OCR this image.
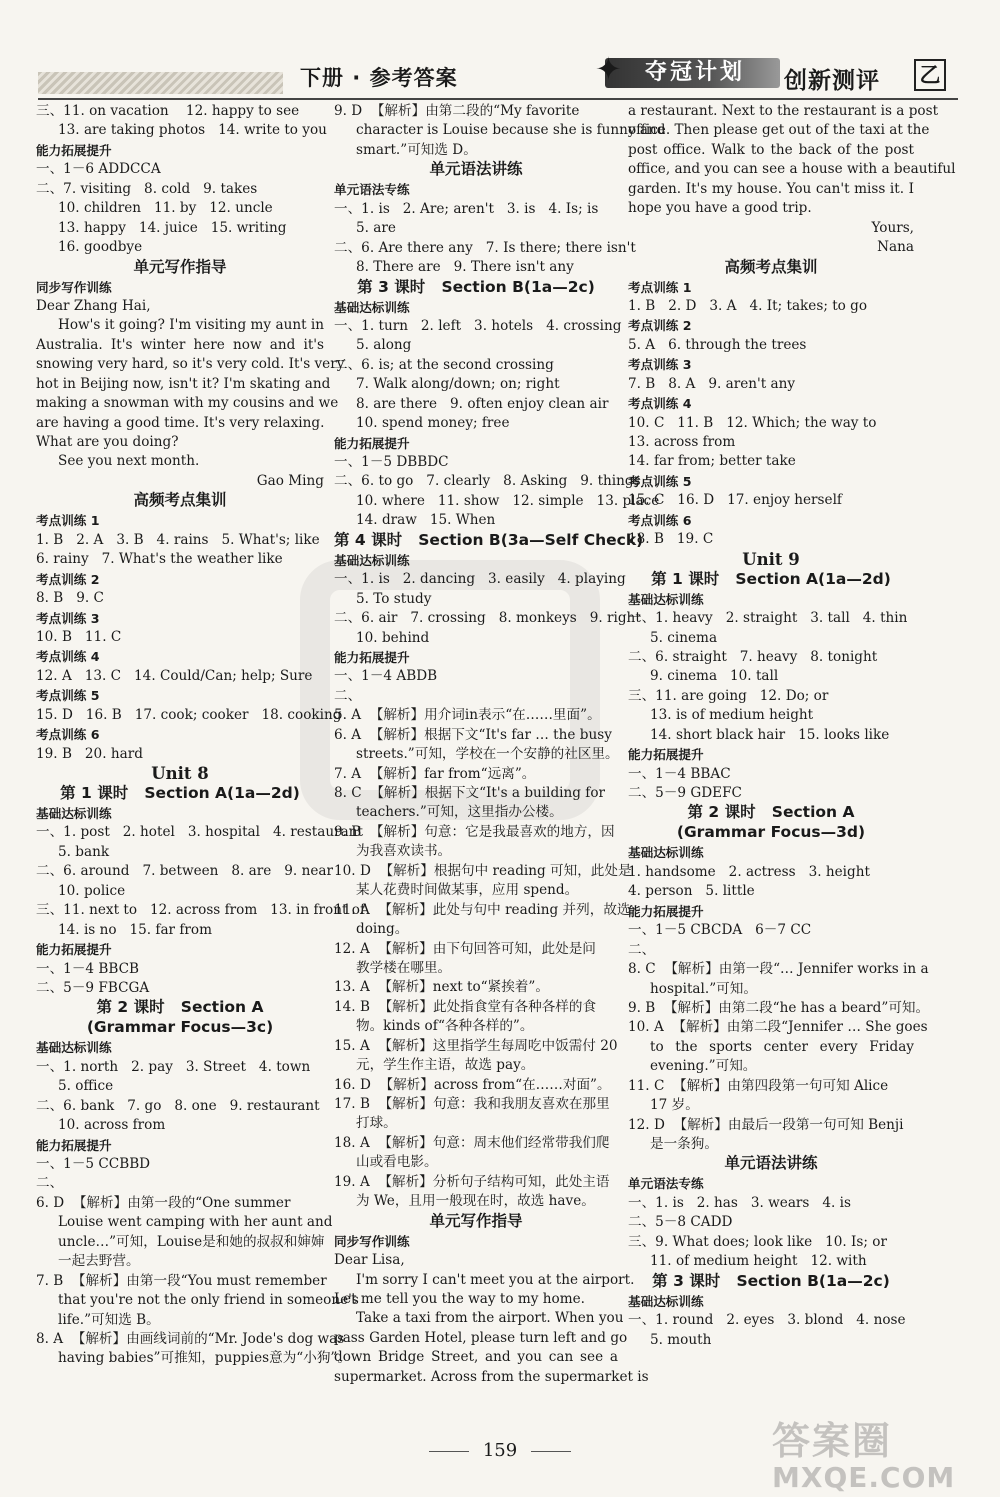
下册 · 参考答案	夺冠计划
✦	创新测评 乙
三、11. on vacation    12. happy to see
13. are taking photos   14. write to you
能力拓展提升
一、1－6 ADDCCA
二、7. visiting   8. cold   9. takes
10. children   11. by   12. uncle
13. happy   14. juice   15. writing
16. goodbye
单元写作指导
同步写作训练
Dear Zhang Hai,
How's it going? I'm visiting my aunt in
Australia. It's winter here now and it's
snowing very hard, so it's very cold. It's very
hot in Beijing now, isn't it? I'm skating and
making a snowman with my cousins and we
are having a good time. It's very relaxing.
What are you doing?
See you next month.
Gao Ming
高频考点集训
考点训练 1
1. B   2. A   3. B   4. rains   5. What's; like
6. rainy   7. What's the weather like
考点训练 2
8. B   9. C
考点训练 3
10. B   11. C
考点训练 4
12. A   13. C   14. Could/Can; help; Sure
考点训练 5
15. D   16. B   17. cook; cooker   18. cooking
考点训练 6
19. B   20. hard
Unit 8
第 1 课时   Section A(1a—2d)
基础达标训练
一、1. post   2. hotel   3. hospital   4. restaurant
5. bank
二、6. around   7. between   8. are   9. near
10. police
三、11. next to   12. across from   13. in front of
14. is no   15. far from
能力拓展提升
一、1－4 BBCB
二、5－9 FBCGA
第 2 课时   Section A
(Grammar Focus—3c)
基础达标训练
一、1. north   2. pay   3. Street   4. town
5. office
二、6. bank   7. go   8. one   9. restaurant
10. across from
能力拓展提升
一、1－5 CCBBD
二、
6. D  【解析】由第一段的“One summer
Louise went camping with her aunt and
uncle…”可知，Louise是和她的叔叔和婶婶
一起去野营。
7. B  【解析】由第一段“You must remember
that you're not the only friend in someone's
life.”可知选 B。
8. A  【解析】由画线词前的“Mr. Jode's dog was
having babies”可推知，puppies意为“小狗”。
9. D  【解析】由第二段的“My favorite
character is Louise because she is funny and
smart.”可知选 D。
单元语法讲练
单元语法专练
一、1. is   2. Are; aren't   3. is   4. Is; is
5. are
二、6. Are there any   7. Is there; there isn't
8. There are   9. There isn't any
第 3 课时   Section B(1a—2c)
基础达标训练
一、1. turn   2. left   3. hotels   4. crossing
5. along
二、6. is; at the second crossing
7. Walk along/down; on; right
8. are there   9. often enjoy clean air
10. spend money; free
能力拓展提升
一、1－5 DBBDC
二、6. to go   7. clearly   8. Asking   9. things
10. where   11. show   12. simple   13. place
14. draw   15. When
第 4 课时   Section B(3a—Self Check)
基础达标训练
一、1. is   2. dancing   3. easily   4. playing
5. To study
二、6. air   7. crossing   8. monkeys   9. right
10. behind
能力拓展提升
一、1－4 ABDB
二、
5. A  【解析】用介词in表示“在……里面”。
6. A  【解析】根据下文“It's far … the busy
streets.”可知，学校在一个安静的社区里。
7. A  【解析】far from“远离”。
8. C  【解析】根据下文“It's a building for
teachers.”可知，这里指办公楼。
9. B  【解析】句意：它是我最喜欢的地方，因
为我喜欢读书。
10. D  【解析】根据句中 reading 可知，此处是
某人花费时间做某事，应用 spend。
11. A  【解析】此处与句中 reading 并列，故选
doing。
12. A  【解析】由下句回答可知，此处是问
教学楼在哪里。
13. A  【解析】next to“紧挨着”。
14. B  【解析】此处指食堂有各种各样的食
物。kinds of“各种各样的”。
15. A  【解析】这里指学生每周吃中饭需付 20
元，学生作主语，故选 pay。
16. D  【解析】across from“在……对面”。
17. B  【解析】句意：我和我朋友喜欢在那里
打球。
18. A  【解析】句意：周末他们经常带我们爬
山或看电影。
19. A  【解析】分析句子结构可知，此处主语
为 We，且用一般现在时，故选 have。
单元写作指导
同步写作训练
Dear Lisa,
I'm sorry I can't meet you at the airport.
Let me tell you the way to my home.
Take a taxi from the airport. When you
pass Garden Hotel, please turn left and go
down Bridge Street, and you can see a
supermarket. Across from the supermarket is
a restaurant. Next to the restaurant is a post
office. Then please get out of the taxi at the
post office. Walk to the back of the post
office, and you can see a house with a beautiful
garden. It's my house. You can't miss it. I
hope you have a good trip.
Yours,
Nana
高频考点集训
考点训练 1
1. B   2. D   3. A   4. It; takes; to go
考点训练 2
5. A   6. through the trees
考点训练 3
7. B   8. A   9. aren't any
考点训练 4
10. C   11. B   12. Which; the way to
13. across from
14. far from; better take
考点训练 5
15. C   16. D   17. enjoy herself
考点训练 6
18. B   19. C
Unit 9
第 1 课时   Section A(1a—2d)
基础达标训练
一、1. heavy   2. straight   3. tall   4. thin
5. cinema
二、6. straight   7. heavy   8. tonight
9. cinema   10. tall
三、11. are going   12. Do; or
13. is of medium height
14. short black hair   15. looks like
能力拓展提升
一、1－4 BBAC
二、5－9 GDEFC
第 2 课时   Section A
(Grammar Focus—3d)
基础达标训练
1. handsome   2. actress   3. height
4. person   5. little
能力拓展提升
一、1－5 CBCDA   6－7 CC
二、
8. C  【解析】由第一段“… Jennifer works in a
hospital.”可知。
9. B  【解析】由第二段“he has a beard”可知。
10. A  【解析】由第二段“Jennifer … She goes
to the sports center every Friday
evening.”可知。
11. C  【解析】由第四段第一句可知 Alice
17 岁。
12. D  【解析】由最后一段第一句可知 Benji
是一条狗。
单元语法讲练
单元语法专练
一、1. is   2. has   3. wears   4. is
二、5－8 CADD
三、9. What does; look like   10. Is; or
11. of medium height   12. with
第 3 课时   Section B(1a—2c)
基础达标训练
一、1. round   2. eyes   3. blond   4. nose
5. mouth
159	答案圈
MXQE.COM
